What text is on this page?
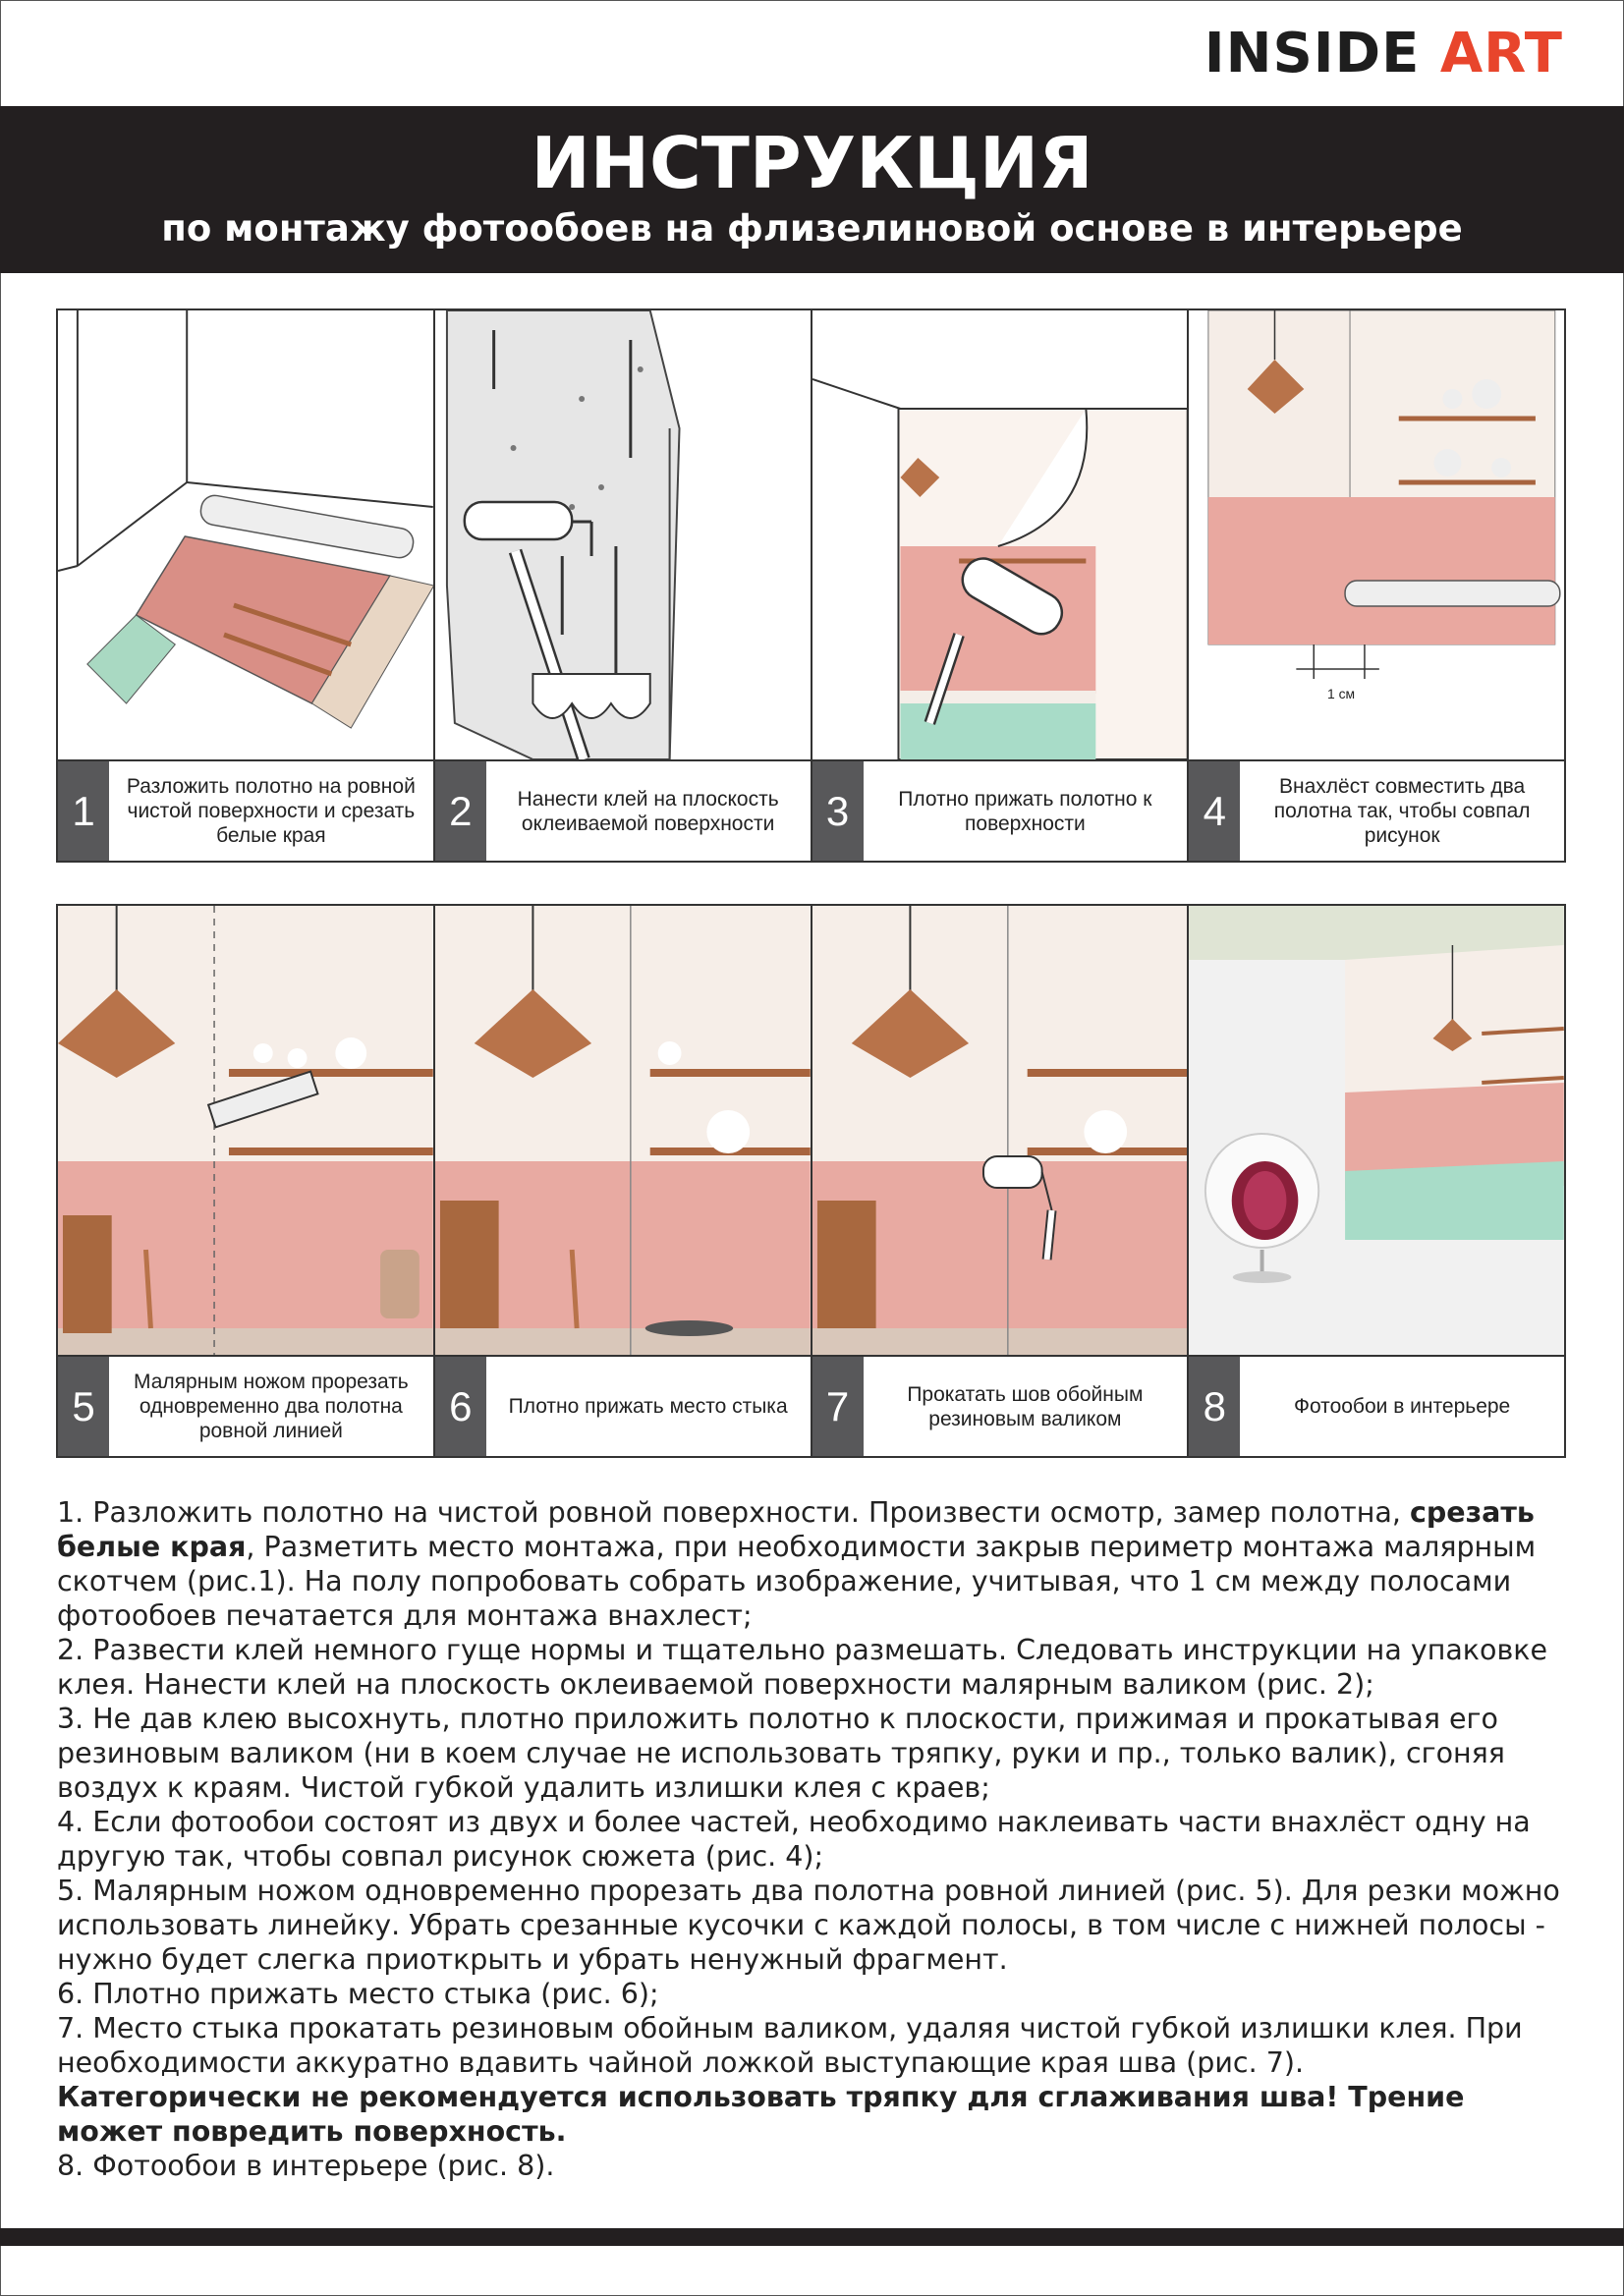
INSIDE ART
ИНСТРУКЦИЯ
по монтажу фотообоев на флизелиновой основе в интерьере
1 см
1
Разложить полотно на ровной чистой поверхности и срезать белые края
2	Нанести клей на плоскость оклеиваемой поверхности	3	Плотно прижать полотно к поверхности	4
Внахлёст совместить два полотна так, чтобы совпал рисунок
5
Малярным ножом прорезать одновременно два полотна ровной линией
6	Плотно прижать место стыка 7	Прокатать шов обойным резиновым валиком	8	Фотообои в интерьере

1. Разложить полотно на чистой ровной поверхности. Произвести осмотр, замер полотна, срезать белые края, Разметить место монтажа, при необходимости закрыв периметр монтажа малярным скотчем (рис.1). На полу попробовать собрать изображение, учитывая, что 1 см между полосами фотообоев печатается для монтажа внахлест;

2. Развести клей немного гуще нормы и тщательно размешать. Следовать инструкции на упаковке клея. Нанести клей на плоскость оклеиваемой поверхности малярным валиком (рис. 2);

3. Не дав клею высохнуть, плотно приложить полотно к плоскости, прижимая и прокатывая его резиновым валиком (ни в коем случае не использовать тряпку, руки и пр., только валик), сгоняя воздух к краям. Чистой губкой удалить излишки клея с краев;

4. Если фотообои состоят из двух и более частей, необходимо наклеивать части внахлёст одну на другую так, чтобы совпал рисунок сюжета (рис. 4);

5. Малярным ножом одновременно прорезать два полотна ровной линией (рис. 5). Для резки можно использовать линейку. Убрать срезанные кусочки с каждой полосы, в том числе с нижней полосы - нужно будет слегка приоткрыть и убрать ненужный фрагмент.

6. Плотно прижать место стыка (рис. 6);

7. Место стыка прокатать резиновым обойным валиком, удаляя чистой губкой излишки клея. При необходимости аккуратно вдавить чайной ложкой выступающие края шва (рис. 7).

Категорически не рекомендуется использовать тряпку для сглаживания шва! Трение может повредить поверхность.

8. Фотообои в интерьере (рис. 8).
